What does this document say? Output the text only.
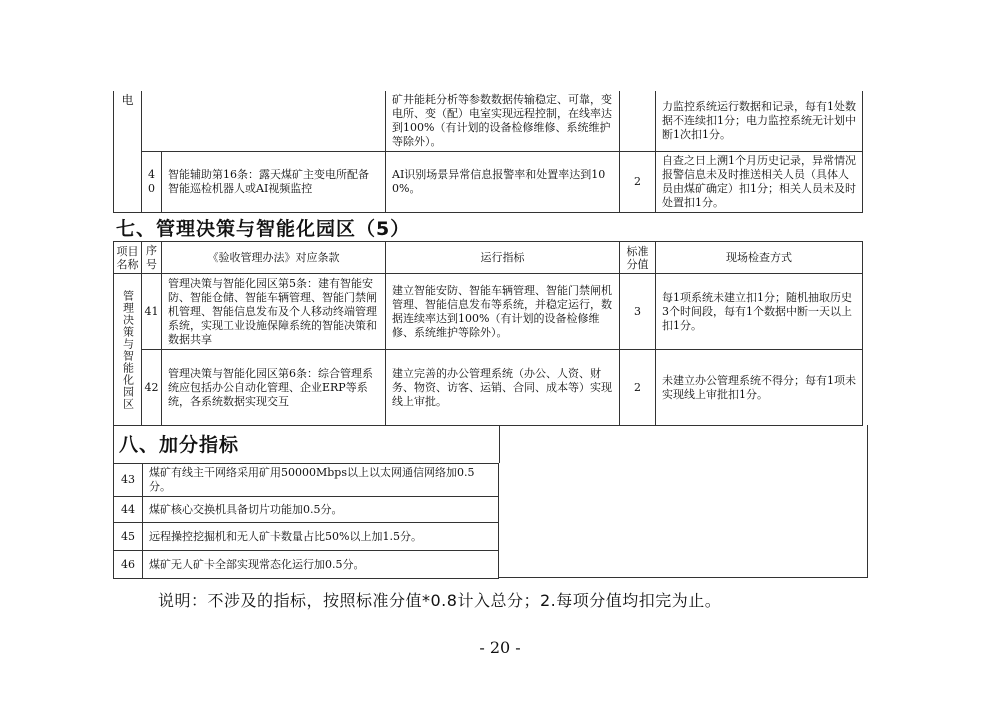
电			矿井能耗分析等参数数据传输稳定、可靠，变电所、变（配）电室实现远程控制，在线率达到100%（有计划的设备检修维修、系统维护等除外）。		力监控系统运行数据和记录，每有1处数据不连续扣1分；电力监控系统无计划中断1次扣1分。
	40	智能辅助第16条：露天煤矿主变电所配备智能巡检机器人或AI视频监控	AI识别场景异常信息报警率和处置率达到100%。	2	自查之日上溯1个月历史记录，异常情况报警信息未及时推送相关人员（具体人员由煤矿确定）扣1分；相关人员未及时处置扣1分。
七、管理决策与智能化园区（5）
项目名称	序号	《验收管理办法》对应条款	运行指标	标准分值	现场检查方式
管理决策与智能化园区	41	管理决策与智能化园区第5条：建有智能安防、智能仓储、智能车辆管理、智能门禁闸机管理、智能信息发布及个人移动终端管理系统，实现工业设施保障系统的智能决策和数据共享	建立智能安防、智能车辆管理、智能门禁闸机管理、智能信息发布等系统，并稳定运行，数据连续率达到100%（有计划的设备检修维修、系统维护等除外）。	3	每1项系统未建立扣1分；随机抽取历史3个时间段，每有1个数据中断一天以上扣1分。
	42	管理决策与智能化园区第6条：综合管理系统应包括办公自动化管理、企业ERP等系统，各系统数据实现交互	建立完善的办公管理系统（办公、人资、财务、物资、访客、运销、合同、成本等）实现线上审批。	2	未建立办公管理系统不得分；每有1项未实现线上审批扣1分。
八、加分指标
43	煤矿有线主干网络采用矿用50000Mbps以上以太网通信网络加0.5分。
44	煤矿核心交换机具备切片功能加0.5分。
45	远程操控挖掘机和无人矿卡数量占比50%以上加1.5分。
46	煤矿无人矿卡全部实现常态化运行加0.5分。
说明：不涉及的指标，按照标准分值*0.8计入总分；2.每项分值均扣完为止。
- 20 -
